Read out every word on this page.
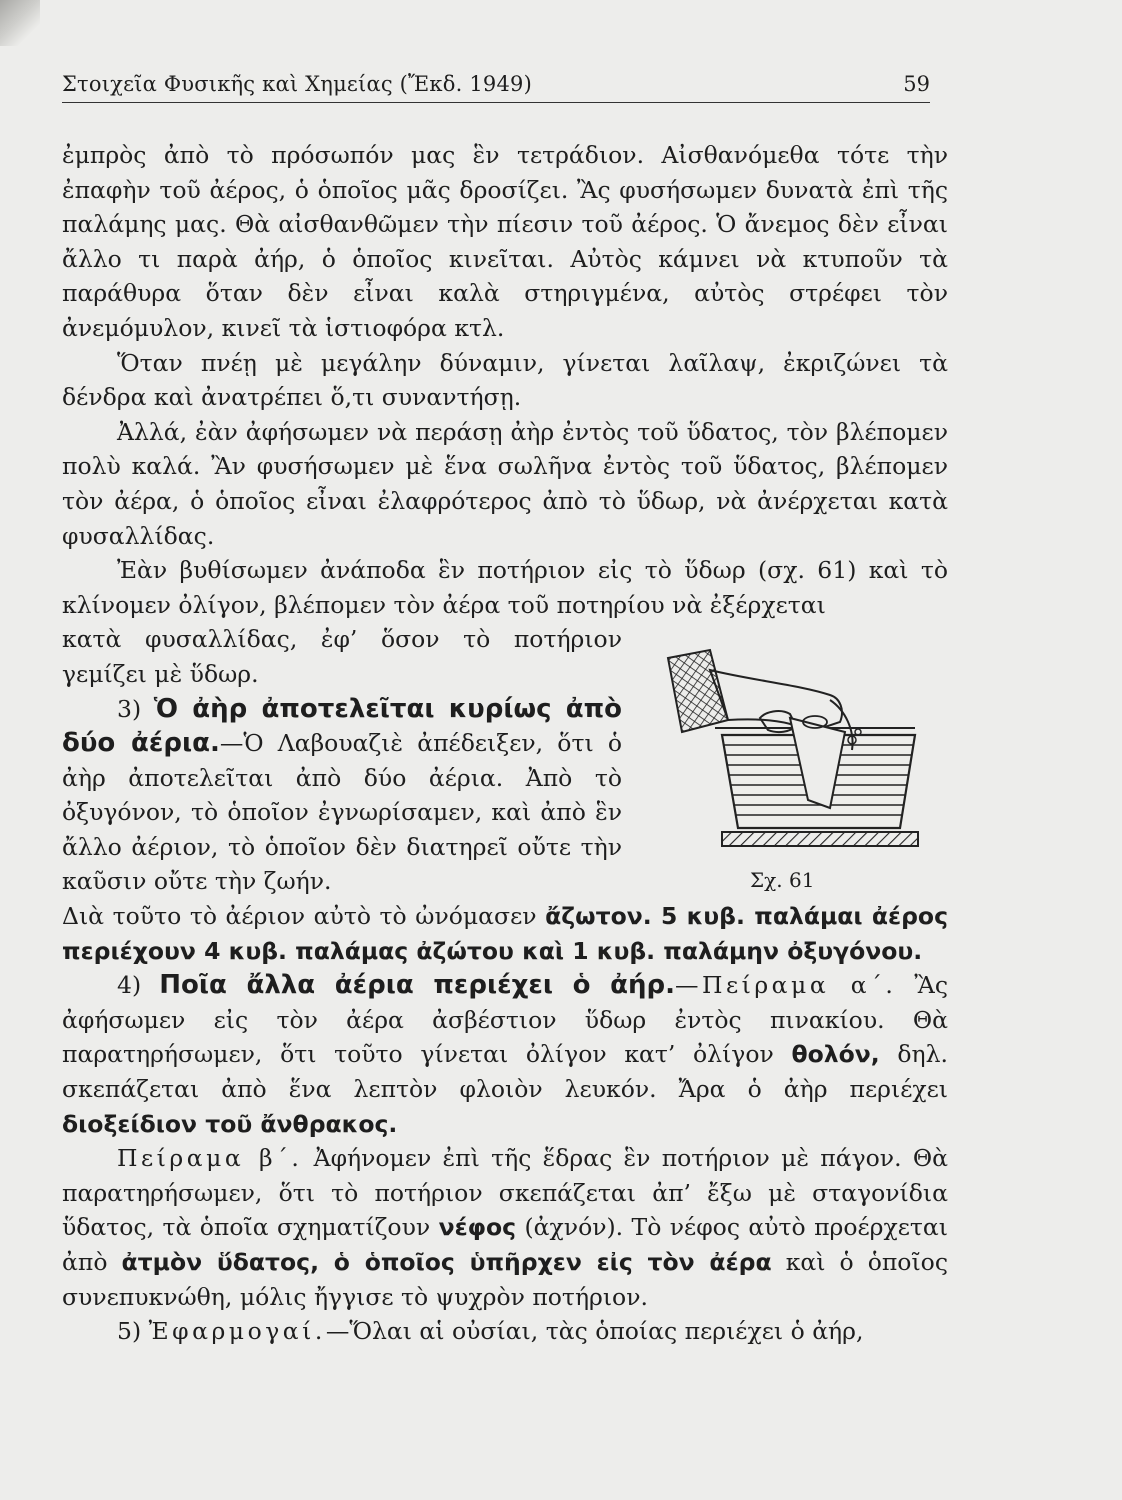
Στοιχεῖα Φυσικῆς καὶ Χημείας (Ἔκδ. 1949)	59

ἐμπρὸς ἀπὸ τὸ πρόσωπόν μας ἓν τετράδιον. Αἰσθανόμεθα τότε τὴν ἐπαφὴν τοῦ ἀέρος, ὁ ὁποῖος μᾶς δροσίζει. Ἂς φυσήσωμεν δυνατὰ ἐπὶ τῆς παλάμης μας. Θὰ αἰσθανθῶμεν τὴν πίεσιν τοῦ ἀέρος. Ὁ ἄνεμος δὲν εἶναι ἄλλο τι παρὰ ἀήρ, ὁ ὁποῖος κινεῖται. Αὐτὸς κάμνει νὰ κτυποῦν τὰ παράθυρα ὅταν δὲν εἶναι καλὰ στηριγμένα, αὐτὸς στρέφει τὸν ἀνεμόμυλον, κινεῖ τὰ ἱστιοφόρα κτλ.

Ὅταν πνέῃ μὲ μεγάλην δύναμιν, γίνεται λαῖλαψ, ἐκριζώνει τὰ δένδρα καὶ ἀνατρέπει ὅ,τι συναντήσῃ.

Ἀλλά, ἐὰν ἀφήσωμεν νὰ περάσῃ ἀὴρ ἐντὸς τοῦ ὕδατος, τὸν βλέπομεν πολὺ καλά. Ἂν φυσήσωμεν μὲ ἕνα σωλῆνα ἐντὸς τοῦ ὕδατος, βλέπομεν τὸν ἀέρα, ὁ ὁποῖος εἶναι ἐλαφρότερος ἀπὸ τὸ ὕδωρ, νὰ ἀνέρχεται κατὰ φυσαλλίδας.

Ἐὰν βυθίσωμεν ἀνάποδα ἓν ποτήριον εἰς τὸ ὕδωρ (σχ. 61) καὶ τὸ κλίνομεν ὀλίγον, βλέπομεν τὸν ἀέρα τοῦ ποτηρίου νὰ ἐξέρχεται

κατὰ φυσαλλίδας, ἐφ’ ὅσον τὸ ποτήριον γεμίζει μὲ ὕδωρ.

3) Ὁ ἀὴρ ἀποτελεῖται κυρίως ἀπὸ δύο ἀέρια.—Ὁ Λαβουαζιὲ ἀπέδειξεν, ὅτι ὁ ἀὴρ ἀποτελεῖται ἀπὸ δύο ἀέρια. Ἀπὸ τὸ ὀξυγόνον, τὸ ὁποῖον ἐγνωρίσαμεν, καὶ ἀπὸ ἓν ἄλλο ἀέριον, τὸ ὁποῖον δὲν διατηρεῖ οὔτε τὴν καῦσιν οὔτε τὴν ζωήν.

Διὰ τοῦτο τὸ ἀέριον αὐτὸ τὸ ὠνόμασεν ἄζωτον. 5 κυβ. παλάμαι ἀέρος περιέχουν 4 κυβ. παλάμας ἀζώτου καὶ 1 κυβ. παλάμην ὀξυγόνου.

4) Ποῖα ἄλλα ἀέρια περιέχει ὁ ἀήρ.—Πείραμα α΄. Ἂς ἀφήσωμεν εἰς τὸν ἀέρα ἀσβέστιον ὕδωρ ἐντὸς πινακίου. Θὰ παρατηρήσωμεν, ὅτι τοῦτο γίνεται ὀλίγον κατ’ ὀλίγον θολόν, δηλ. σκεπάζεται ἀπὸ ἕνα λεπτὸν φλοιὸν λευκόν. Ἄρα ὁ ἀὴρ περιέχει διοξείδιον τοῦ ἄνθρακος.

Πείραμα β΄. Ἀφήνομεν ἐπὶ τῆς ἕδρας ἓν ποτήριον μὲ πάγον. Θὰ παρατηρήσωμεν, ὅτι τὸ ποτήριον σκεπάζεται ἀπ’ ἔξω μὲ σταγονίδια ὕδατος, τὰ ὁποῖα σχηματίζουν νέφος (ἀχνόν). Τὸ νέφος αὐτὸ προέρχεται ἀπὸ ἀτμὸν ὕδατος, ὁ ὁποῖος ὑπῆρχεν εἰς τὸν ἀέρα καὶ ὁ ὁποῖος συνεπυκνώθη, μόλις ἤγγισε τὸ ψυχρὸν ποτήριον.

5) Ἐφαρμογαί.—Ὅλαι αἱ οὐσίαι, τὰς ὁποίας περιέχει ὁ ἀήρ,

Σχ. 61
